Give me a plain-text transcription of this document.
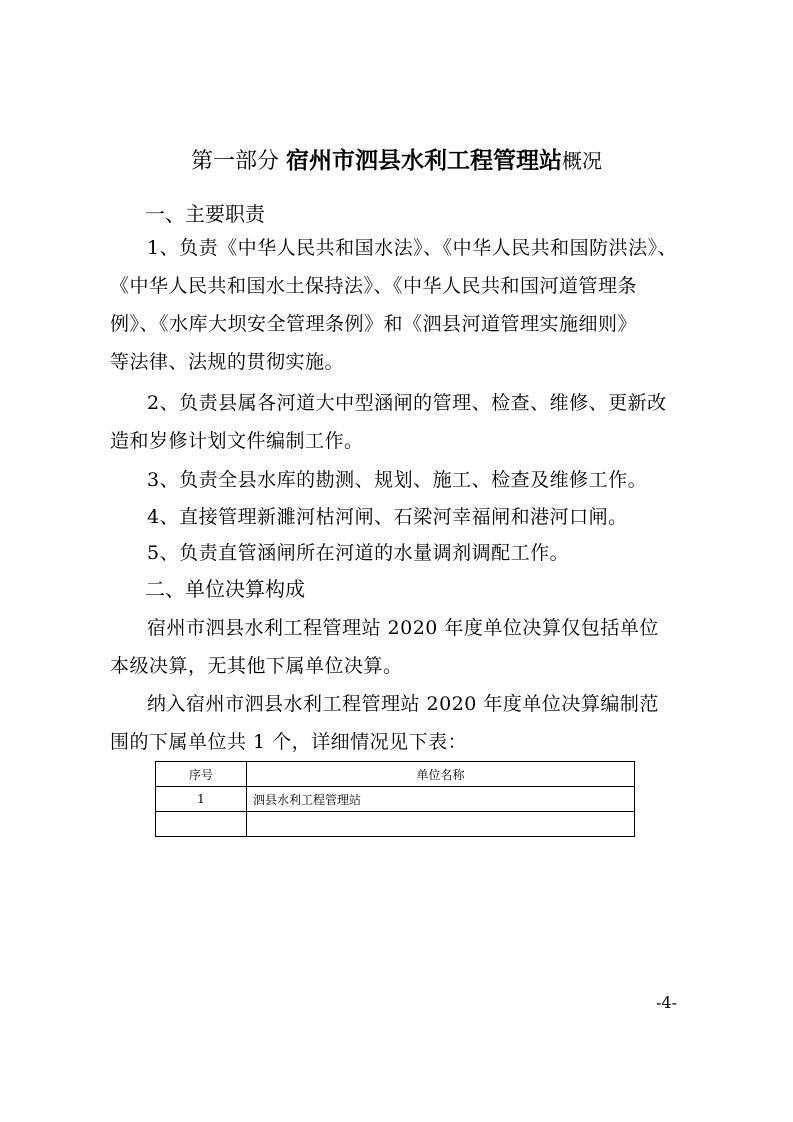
第一部分 宿州市泗县水利工程管理站概况
一、主要职责
1、负责《中华人民共和国水法》、《中华人民共和国防洪法》、
《中华人民共和国水土保持法》、《中华人民共和国河道管理条
例》、《水库大坝安全管理条例》和《泗县河道管理实施细则》
等法律、法规的贯彻实施。
2、负责县属各河道大中型涵闸的管理、检查、维修、更新改
造和岁修计划文件编制工作。
3、负责全县水库的勘测、规划、施工、检查及维修工作。
4、直接管理新濉河枯河闸、石梁河幸福闸和港河口闸。
5、负责直管涵闸所在河道的水量调剂调配工作。
二、单位决算构成
宿州市泗县水利工程管理站 2020 年度单位决算仅包括单位
本级决算，无其他下属单位决算。
纳入宿州市泗县水利工程管理站 2020 年度单位决算编制范
围的下属单位共 1 个，详细情况见下表：
序号	单位名称
1	泗县水利工程管理站

-4-
